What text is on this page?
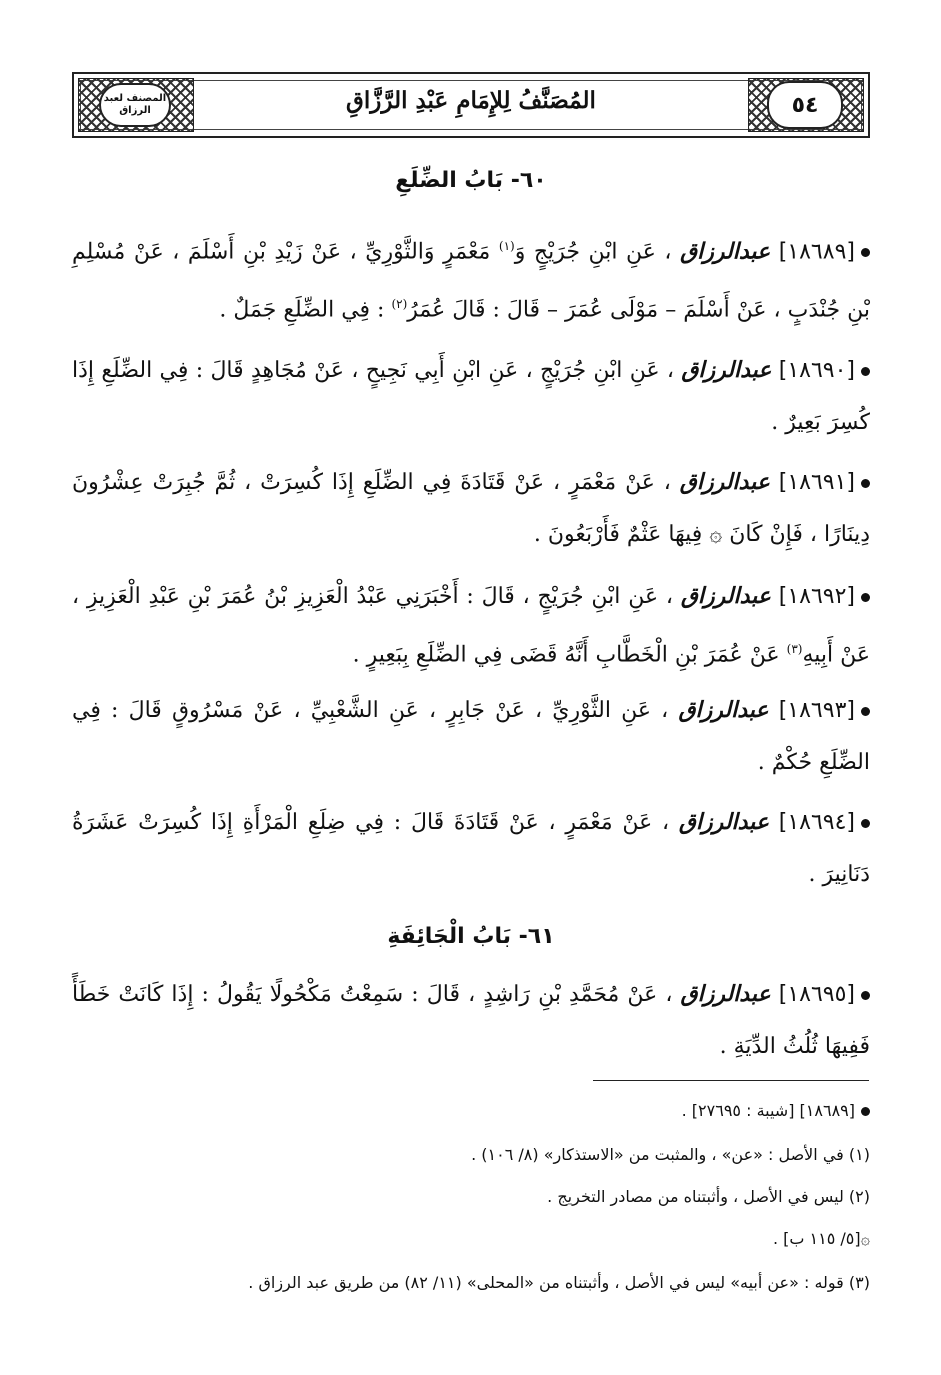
٥٤
المصنف لعبد الرزاق	المُصَنَّفُ لِلإِمَامِ عَبْدِ الرَّزَّاقِ
٦٠- بَابُ الضِّلَعِ
[١٨٦٨٩] عبدالرزاق ، عَنِ ابْنِ جُرَيْجٍ وَ$^{(١)}$ مَعْمَرٍ وَالثَّوْرِيِّ ، عَنْ زَيْدِ بْنِ أَسْلَمَ ، عَنْ مُسْلِمِ بْنِ جُنْدَبٍ ، عَنْ أَسْلَمَ – مَوْلَى عُمَرَ – قَالَ : قَالَ عُمَرُ$^{(٢)}$ : فِي الضِّلَعِ جَمَلٌ .
[١٨٦٩٠] عبدالرزاق ، عَنِ ابْنِ جُرَيْجٍ ، عَنِ ابْنِ أَبِي نَجِيحٍ ، عَنْ مُجَاهِدٍ قَالَ : فِي الضِّلَعِ إِذَا كُسِرَ بَعِيرٌ .
[١٨٦٩١] عبدالرزاق ، عَنْ مَعْمَرٍ ، عَنْ قَتَادَةَ فِي الضِّلَعِ إِذَا كُسِرَتْ ، ثُمَّ جُبِرَتْ عِشْرُونَ دِينَارًا ، فَإِنْ كَانَ ۞ فِيهَا عَثْمٌ فَأَرْبَعُونَ .
[١٨٦٩٢] عبدالرزاق ، عَنِ ابْنِ جُرَيْجٍ ، قَالَ : أَخْبَرَنِي عَبْدُ الْعَزِيزِ بْنُ عُمَرَ بْنِ عَبْدِ الْعَزِيزِ ، عَنْ أَبِيهِ$^{(٣)}$ عَنْ عُمَرَ بْنِ الْخَطَّابِ أَنَّهُ قَضَى فِي الضِّلَعِ بِبَعِيرٍ .
[١٨٦٩٣] عبدالرزاق ، عَنِ الثَّوْرِيِّ ، عَنْ جَابِرٍ ، عَنِ الشَّعْبِيِّ ، عَنْ مَسْرُوقٍ قَالَ : فِي الضِّلَعِ حُكْمٌ .
[١٨٦٩٤] عبدالرزاق ، عَنْ مَعْمَرٍ ، عَنْ قَتَادَةَ قَالَ : فِي ضِلَعِ الْمَرْأَةِ إِذَا كُسِرَتْ عَشَرَةُ دَنَانِيرَ .
٦١- بَابُ الْجَائِفَةِ
[١٨٦٩٥] عبدالرزاق ، عَنْ مُحَمَّدِ بْنِ رَاشِدٍ ، قَالَ : سَمِعْتُ مَكْحُولًا يَقُولُ : إِذَا كَانَتْ خَطَأً فَفِيهَا ثُلُثُ الدِّيَةِ .
[١٨٦٨٩] [شيبة : ٢٧٦٩٥] .
(١) في الأصل : «عن» ، والمثبت من «الاستذكار» (٨/ ١٠٦) .
(٢) ليس في الأصل ، وأثبتناه من مصادر التخريج .
۞[٥/ ١١٥ ب] .
(٣) قوله : «عن أبيه» ليس في الأصل ، وأثبتناه من «المحلى» (١١/ ٨٢) من طريق عبد الرزاق .
